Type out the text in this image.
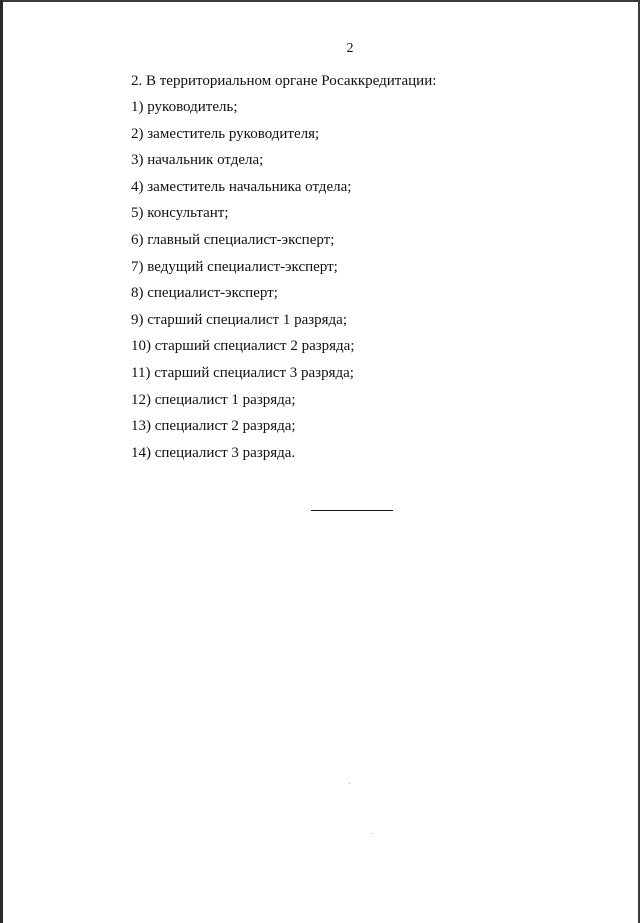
2
2. В территориальном органе Росаккредитации:
1) руководитель;
2) заместитель руководителя;
3) начальник отдела;
4) заместитель начальника отдела;
5) консультант;
6) главный специалист-эксперт;
7) ведущий специалист-эксперт;
8) специалист-эксперт;
9) старший специалист 1 разряда;
10) старший специалист 2 разряда;
11) старший специалист 3 разряда;
12) специалист 1 разряда;
13) специалист 2 разряда;
14) специалист 3 разряда.
